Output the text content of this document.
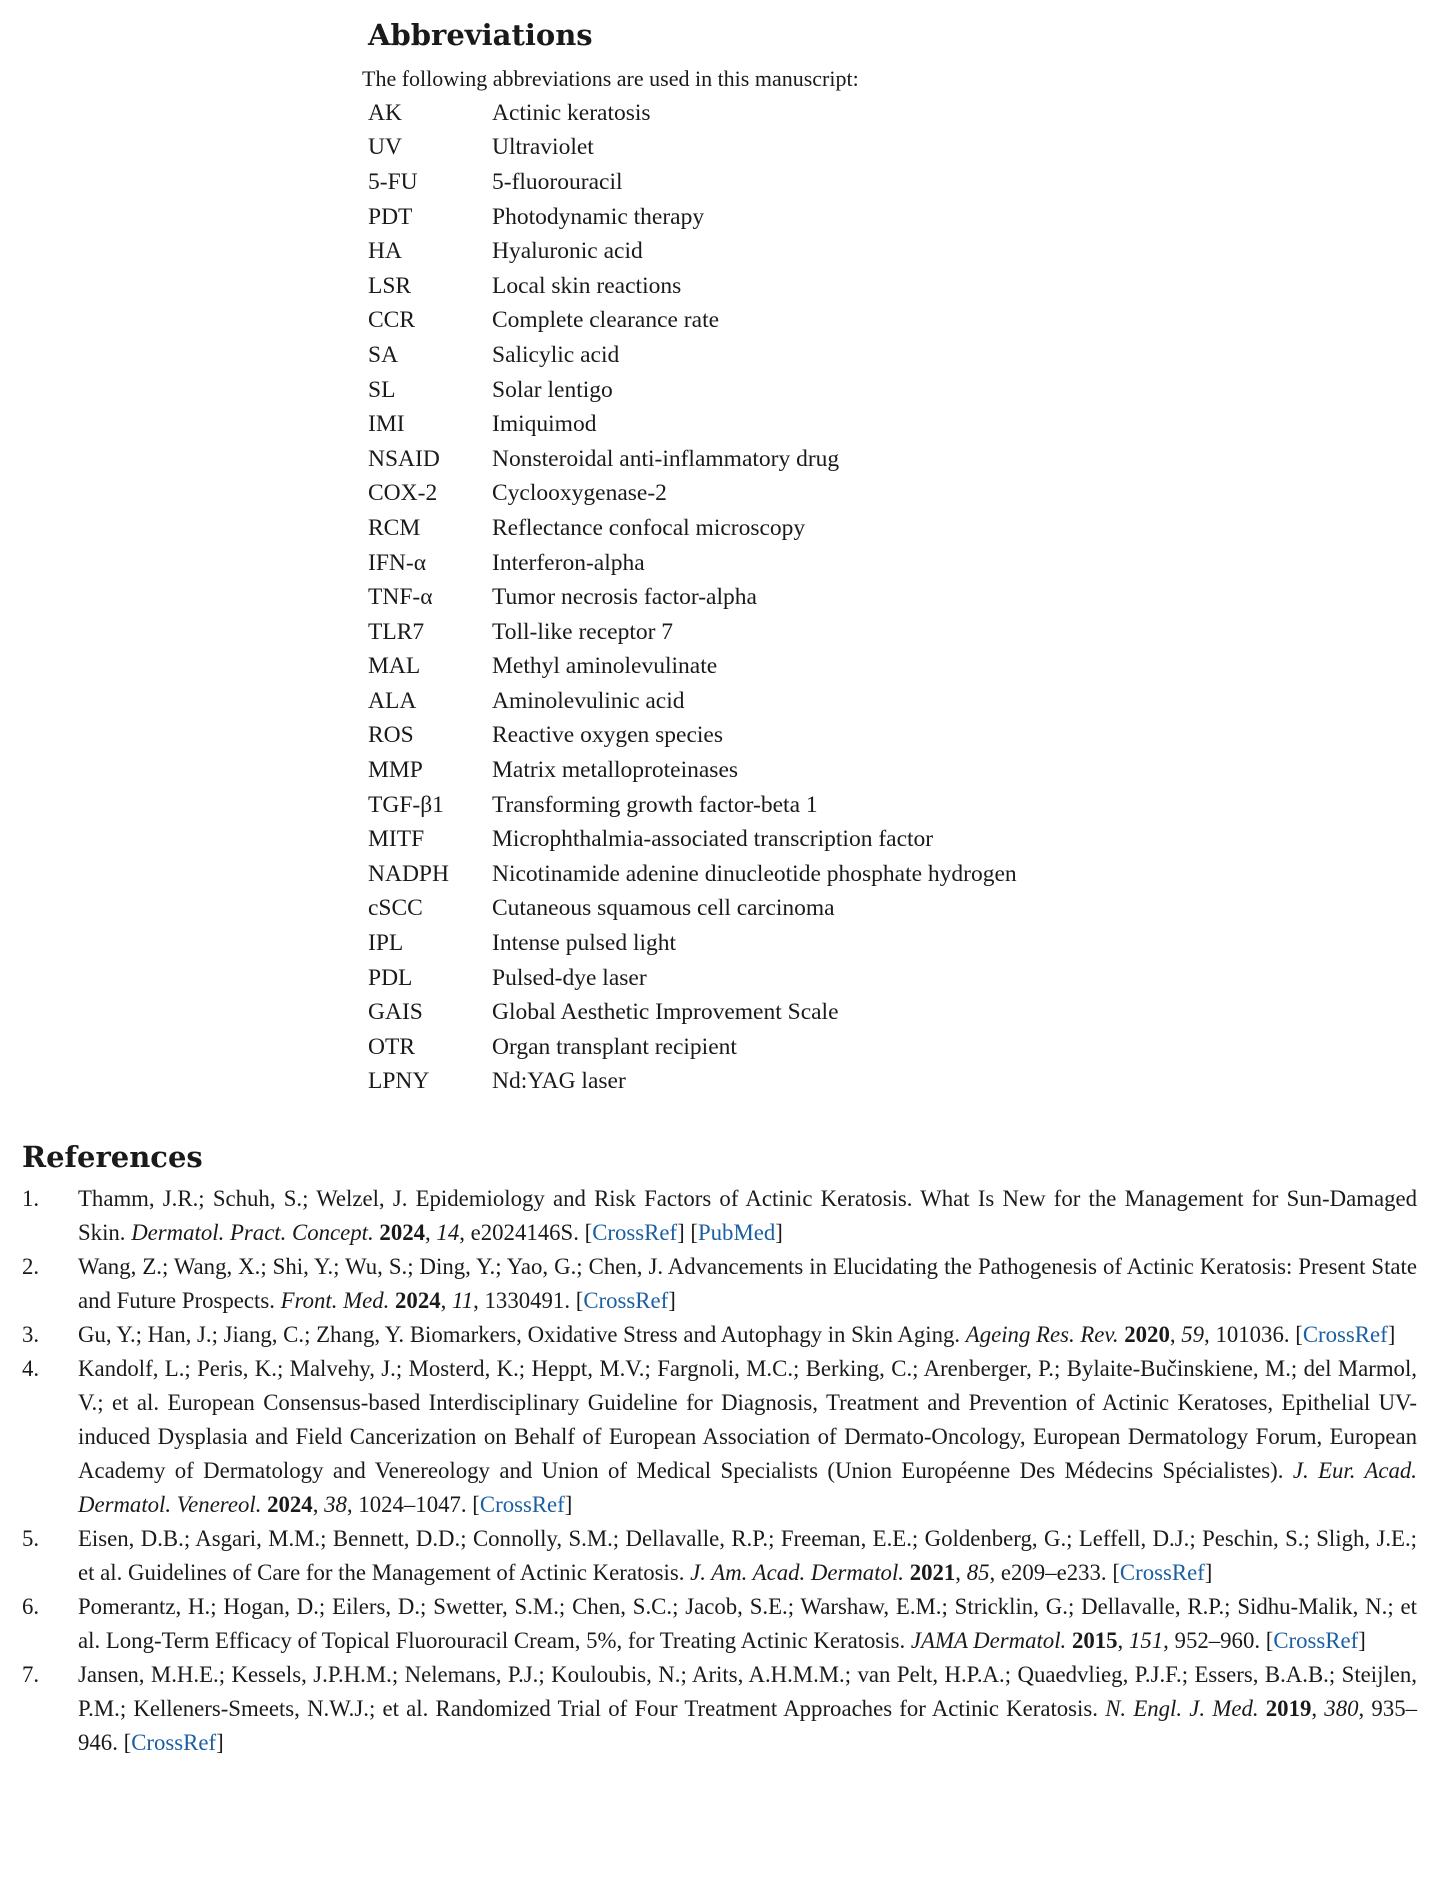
Abbreviations
The following abbreviations are used in this manuscript:
AK	Actinic keratosis
UV	Ultraviolet
5-FU	5-fluorouracil
PDT	Photodynamic therapy
HA	Hyaluronic acid
LSR	Local skin reactions
CCR	Complete clearance rate
SA	Salicylic acid
SL	Solar lentigo
IMI	Imiquimod
NSAID	Nonsteroidal anti-inflammatory drug
COX-2	Cyclooxygenase-2
RCM	Reflectance confocal microscopy
IFN-α	Interferon-alpha
TNF-α	Tumor necrosis factor-alpha
TLR7	Toll-like receptor 7
MAL	Methyl aminolevulinate
ALA	Aminolevulinic acid
ROS	Reactive oxygen species
MMP	Matrix metalloproteinases
TGF-β1	Transforming growth factor-beta 1
MITF	Microphthalmia-associated transcription factor
NADPH	Nicotinamide adenine dinucleotide phosphate hydrogen
cSCC	Cutaneous squamous cell carcinoma
IPL	Intense pulsed light
PDL	Pulsed-dye laser
GAIS	Global Aesthetic Improvement Scale
OTR	Organ transplant recipient
LPNY	Nd:YAG laser
References
1.	Thamm, J.R.; Schuh, S.; Welzel, J. Epidemiology and Risk Factors of Actinic Keratosis. What Is New for the Management for Sun-Damaged Skin. Dermatol. Pract. Concept. 2024, 14, e2024146S. [CrossRef] [PubMed]
2.	Wang, Z.; Wang, X.; Shi, Y.; Wu, S.; Ding, Y.; Yao, G.; Chen, J. Advancements in Elucidating the Pathogenesis of Actinic Keratosis: Present State and Future Prospects. Front. Med. 2024, 11, 1330491. [CrossRef]
3.	Gu, Y.; Han, J.; Jiang, C.; Zhang, Y. Biomarkers, Oxidative Stress and Autophagy in Skin Aging. Ageing Res. Rev. 2020, 59, 101036. [CrossRef]
4.	Kandolf, L.; Peris, K.; Malvehy, J.; Mosterd, K.; Heppt, M.V.; Fargnoli, M.C.; Berking, C.; Arenberger, P.; Bylaite-Bučinskiene, M.; del Marmol, V.; et al. European Consensus-based Interdisciplinary Guideline for Diagnosis, Treatment and Prevention of Actinic Keratoses, Epithelial UV-induced Dysplasia and Field Cancerization on Behalf of European Association of Dermato-Oncology, European Dermatology Forum, European Academy of Dermatology and Venereology and Union of Medical Specialists (Union Européenne Des Médecins Spécialistes). J. Eur. Acad. Dermatol. Venereol. 2024, 38, 1024–1047. [CrossRef]
5.	Eisen, D.B.; Asgari, M.M.; Bennett, D.D.; Connolly, S.M.; Dellavalle, R.P.; Freeman, E.E.; Goldenberg, G.; Leffell, D.J.; Peschin, S.; Sligh, J.E.; et al. Guidelines of Care for the Management of Actinic Keratosis. J. Am. Acad. Dermatol. 2021, 85, e209–e233. [CrossRef]
6.	Pomerantz, H.; Hogan, D.; Eilers, D.; Swetter, S.M.; Chen, S.C.; Jacob, S.E.; Warshaw, E.M.; Stricklin, G.; Dellavalle, R.P.; Sidhu-Malik, N.; et al. Long-Term Efficacy of Topical Fluorouracil Cream, 5%, for Treating Actinic Keratosis. JAMA Dermatol. 2015, 151, 952–960. [CrossRef]
7.	Jansen, M.H.E.; Kessels, J.P.H.M.; Nelemans, P.J.; Kouloubis, N.; Arits, A.H.M.M.; van Pelt, H.P.A.; Quaedvlieg, P.J.F.; Essers, B.A.B.; Steijlen, P.M.; Kelleners-Smeets, N.W.J.; et al. Randomized Trial of Four Treatment Approaches for Actinic Keratosis. N. Engl. J. Med. 2019, 380, 935–946. [CrossRef]
